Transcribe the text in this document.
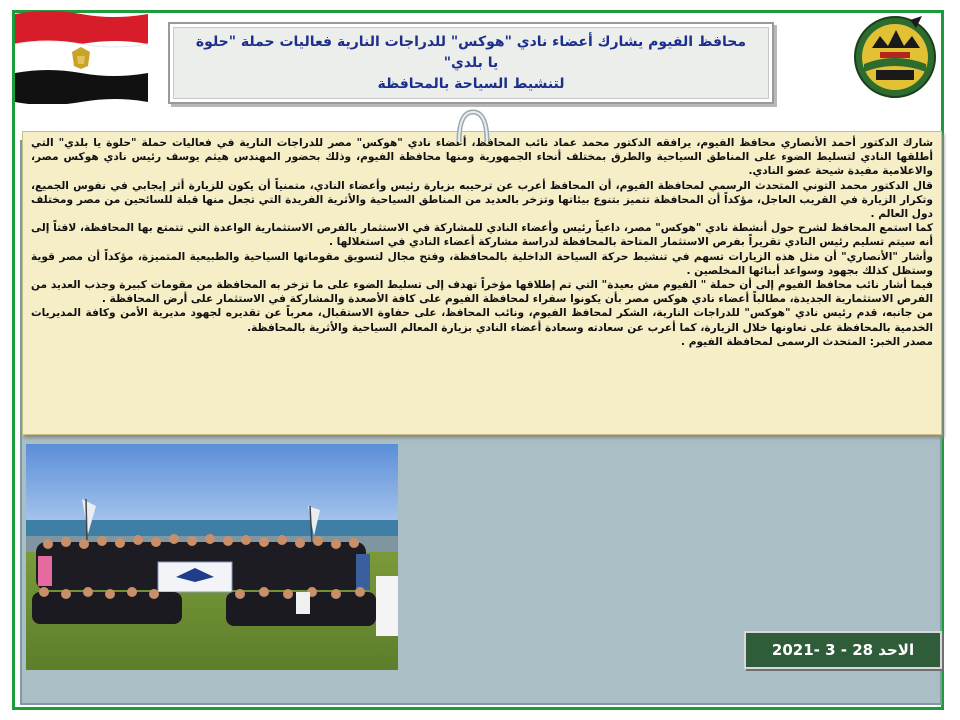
محافظ الفيوم يشارك أعضاء نادي "هوكس" للدراجات النارية فعاليات حملة "حلوة يا بلدي"
لتنشيط السياحة بالمحافظة

شارك الدكتور أحمد الأنصاري محافظ الفيوم، يرافقه الدكتور محمد عماد نائب المحافظ، أعضاء نادي "هوكس" مصر للدراجات النارية في فعاليات حملة "حلوة يا بلدي" التي أطلقها النادي لتسليط الضوء على المناطق السياحية والطرق بمختلف أنحاء الجمهورية ومنها محافظة الفيوم، وذلك بحضور المهندس هيثم يوسف رئيس نادي هوكس مصر، والاعلامية مفيدة شيحة عضو النادي.

قال الدكتور محمد التوني المتحدث الرسمي لمحافظة الفيوم، أن المحافظ أعرب عن ترحيبه بزيارة رئيس وأعضاء النادي، متمنياً أن يكون للزيارة أثر إيجابي في نفوس الجميع، وتكرار الزيارة في القريب العاجل، مؤكداً أن المحافظة تتميز بتنوع بيئاتها وتزخر بالعديد من المناطق السياحية والأثرية الفريدة التي تجعل منها قبلة للسائحين من مصر ومختلف دول العالم .

كما استمع المحافظ لشرح حول أنشطة نادي "هوكس" مصر، داعياً رئيس وأعضاء النادي للمشاركة في الاستثمار بالفرص الاستثمارية الواعدة التي تتمتع بها المحافظة، لافتاً إلى أنه سيتم تسليم رئيس النادي تقريراً بفرص الاستثمار المتاحة بالمحافظة لدراسة مشاركة أعضاء النادي في استغلالها .

وأشار "الأنصاري" أن مثل هذه الزيارات تسهم في تنشيط حركة السياحة الداخلية بالمحافظة، وفتح مجال لتسويق مقوماتها السياحية والطبيعية المتميزة، مؤكداً أن مصر قوية وستظل كذلك بجهود وسواعد أبنائها المخلصين .

فيما أشار نائب محافظ الفيوم إلى أن حملة " الفيوم مش بعيدة" التي تم إطلاقها مؤخراً تهدف إلى تسليط الضوء على ما تزخر به المحافظة من مقومات كبيرة وجذب العديد من الفرص الاستثمارية الجديدة، مطالباً أعضاء نادي هوكس مصر بأن يكونوا سفراء لمحافظة الفيوم على كافة الأصعدة والمشاركة في الاستثمار على أرض المحافظة .

من جانبه، قدم رئيس نادي "هوكس" للدراجات النارية، الشكر لمحافظ الفيوم، ونائب المحافظ، على حفاوة الاستقبال، معرباً عن تقديره لجهود مديرية الأمن وكافة المديريات الخدمية بالمحافظة على تعاونها خلال الزيارة، كما أعرب عن سعادته وسعادة أعضاء النادي بزيارة المعالم السياحية والأثرية بالمحافظة.

مصدر الخبر: المتحدث الرسمى لمحافظة الفيوم .

الاحد 28 - 3 -2021
